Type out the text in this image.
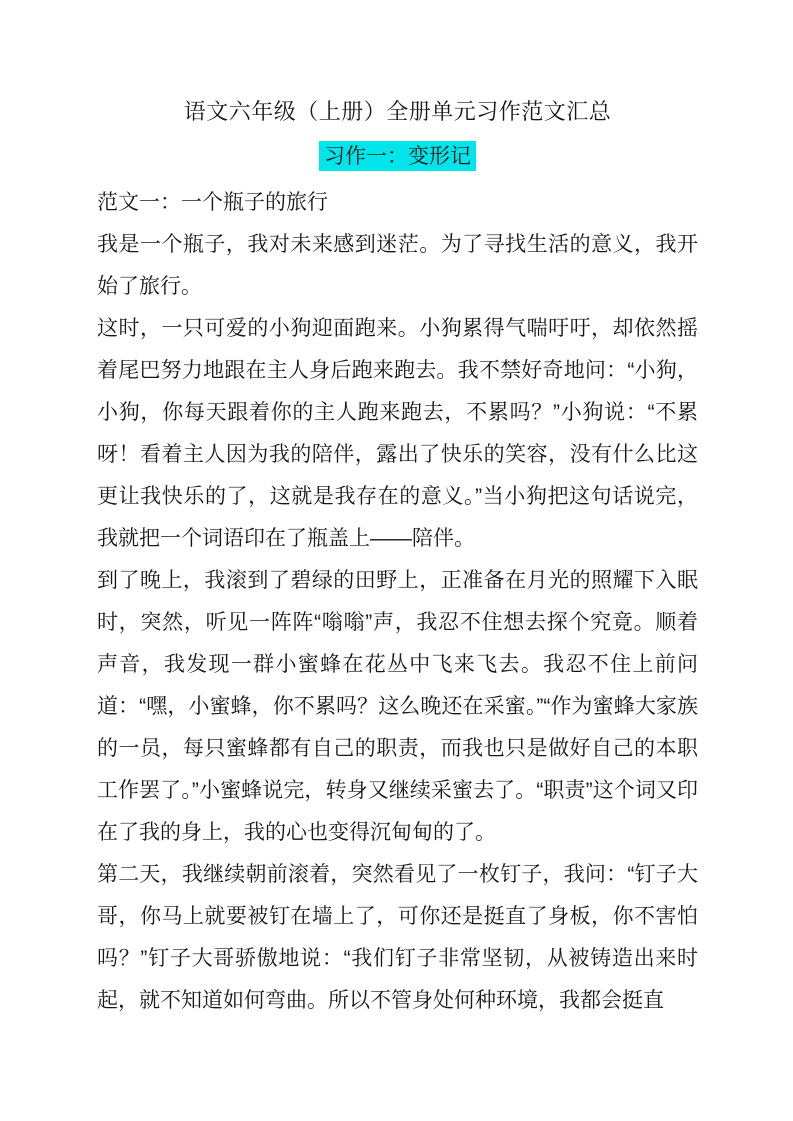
语文六年级（上册）全册单元习作范文汇总
习作一：变形记

范文一：一个瓶子的旅行

我是一个瓶子，我对未来感到迷茫。为了寻找生活的意义，我开始了旅行。

这时，一只可爱的小狗迎面跑来。小狗累得气喘吁吁，却依然摇着尾巴努力地跟在主人身后跑来跑去。我不禁好奇地问：“小狗，小狗，你每天跟着你的主人跑来跑去，不累吗？”小狗说：“不累呀！看着主人因为我的陪伴，露出了快乐的笑容，没有什么比这更让我快乐的了，这就是我存在的意义。”当小狗把这句话说完，我就把一个词语印在了瓶盖上——陪伴。

到了晚上，我滚到了碧绿的田野上，正准备在月光的照耀下入眠时，突然，听见一阵阵“嗡嗡”声，我忍不住想去探个究竟。顺着声音，我发现一群小蜜蜂在花丛中飞来飞去。我忍不住上前问道：“嘿，小蜜蜂，你不累吗？这么晚还在采蜜。”“作为蜜蜂大家族的一员，每只蜜蜂都有自己的职责，而我也只是做好自己的本职工作罢了。”小蜜蜂说完，转身又继续采蜜去了。“职责”这个词又印在了我的身上，我的心也变得沉甸甸的了。

第二天，我继续朝前滚着，突然看见了一枚钉子，我问：“钉子大哥，你马上就要被钉在墙上了，可你还是挺直了身板，你不害怕吗？”钉子大哥骄傲地说：“我们钉子非常坚韧，从被铸造出来时起，就不知道如何弯曲。所以不管身处何种环境，我都会挺直
